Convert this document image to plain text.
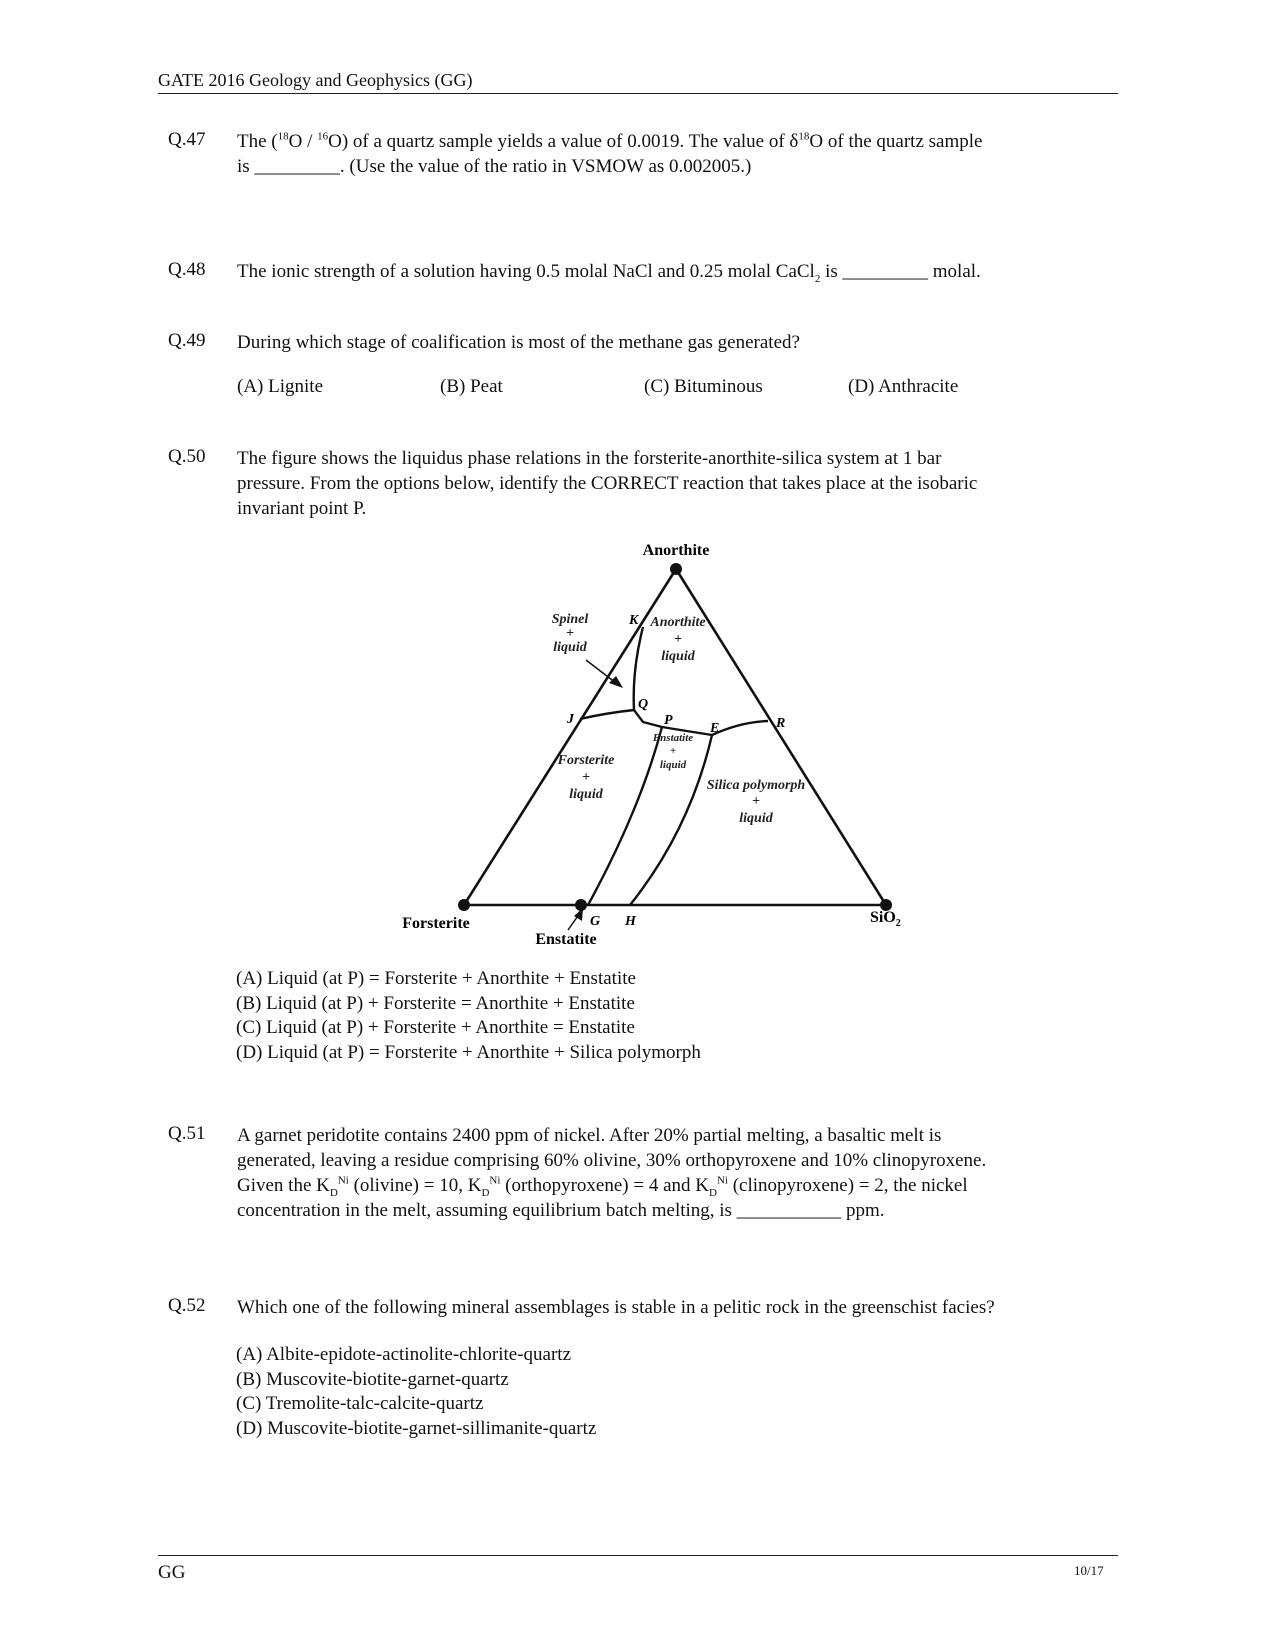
GATE 2016 Geology and Geophysics (GG)
Q.47 The ($^{18}$O / $^{16}$O) of a quartz sample yields a value of 0.0019. The value of $\delta^{18}O$ of the quartz sample
is _________. (Use the value of the ratio in VSMOW as 0.002005.)
Q.48 The ionic strength of a solution having 0.5 molal NaCl and 0.25 molal CaCl$_2$ is _________ molal.
Q.49 During which stage of coalification is most of the methane gas generated?
(A) Lignite	(B) Peat	(C) Bituminous	(D) Anthracite
Q.50 The figure shows the liquidus phase relations in the forsterite-anorthite-silica system at 1 bar
pressure. From the options below, identify the CORRECT reaction that takes place at the isobaric
invariant point P.
Anorthite
Forsterite	SiO$_2$
Enstatite
K
J
Q
P
E	R
G H
Spinel
+
liquid
Anorthite
+
liquid
Forsterite
+
liquid
Enstatite
+
liquid
Silica polymorph
+
liquid
(A) Liquid (at P) = Forsterite + Anorthite + Enstatite
(B) Liquid (at P) + Forsterite = Anorthite + Enstatite
(C) Liquid (at P) + Forsterite + Anorthite = Enstatite
(D) Liquid (at P) = Forsterite + Anorthite + Silica polymorph
Q.51 A garnet peridotite contains 2400 ppm of nickel. After 20% partial melting, a basaltic melt is
generated, leaving a residue comprising 60% olivine, 30% orthopyroxene and 10% clinopyroxene.
Given the $K_D^{Ni}$ (olivine) = 10, $K_D^{Ni}$ (orthopyroxene) = 4 and $K_D^{Ni}$ (clinopyroxene) = 2, the nickel
concentration in the melt, assuming equilibrium batch melting, is ___________ ppm.
Q.52 Which one of the following mineral assemblages is stable in a pelitic rock in the greenschist facies?
(A) Albite-epidote-actinolite-chlorite-quartz
(B) Muscovite-biotite-garnet-quartz
(C) Tremolite-talc-calcite-quartz
(D) Muscovite-biotite-garnet-sillimanite-quartz
GG	10/17
